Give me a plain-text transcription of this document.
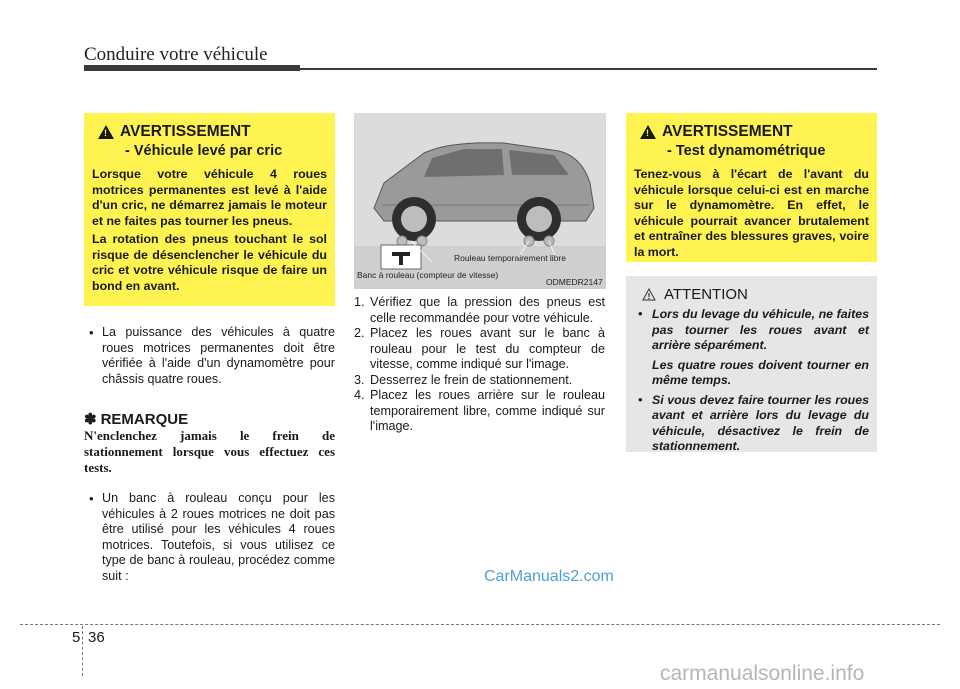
Conduire votre véhicule
!
AVERTISSEMENT
- Véhicule levé par cric

Lorsque votre véhicule 4 roues motrices permanentes est levé à l'aide d'un cric, ne démarrez jamais le moteur et ne faites pas tourner les pneus.

La rotation des pneus touchant le sol risque de désenclencher le véhicule du cric et votre véhicule risque de faire un bond en avant.

• La puissance des véhicules à quatre roues motrices permanentes doit être vérifiée à l'aide d'un dynamomètre pour châssis quatre roues.
✽ REMARQUE
N'enclenchez jamais le frein de stationnement lorsque vous effectuez ces tests.
• Un banc à rouleau conçu pour les véhicules à 2 roues motrices ne doit pas être utilisé pour les véhicules 4 roues motrices. Toutefois, si vous utilisez ce type de banc à rouleau, procédez comme suit :
Rouleau temporairement libre
Banc à rouleau (compteur de vitesse)
ODMEDR2147
1. Vérifiez que la pression des pneus est celle recommandée pour votre véhicule.
2. Placez les roues avant sur le banc à rouleau pour le test du compteur de vitesse, comme indiqué sur l'image.
3. Desserrez le frein de stationnement.
4. Placez les roues arrière sur le rouleau temporairement libre, comme indiqué sur l'image.
!
AVERTISSEMENT
- Test dynamométrique

Tenez-vous à l'écart de l'avant du véhicule lorsque celui-ci est en marche sur le dynamomètre. En effet, le véhicule pourrait avancer brutalement et entraîner des blessures graves, voire la mort.

ATTENTION

• Lors du levage du véhicule, ne faites pas tourner les roues avant et arrière séparément.

Les quatre roues doivent tourner en même temps.

• Si vous devez faire tourner les roues avant et arrière lors du levage du véhicule, désactivez le frein de stationnement.

CarManuals2.com
5 36
carmanualsonline.info
